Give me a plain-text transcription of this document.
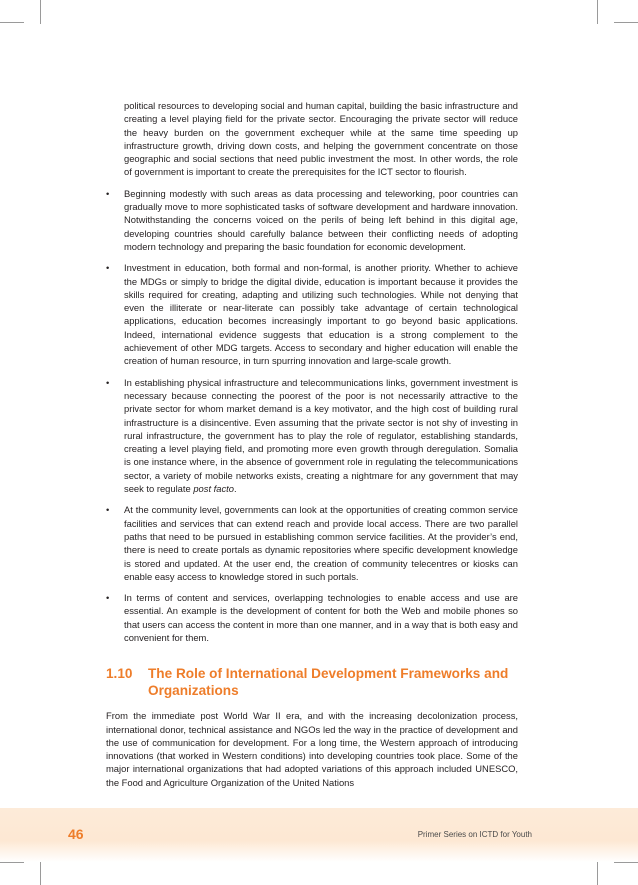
political resources to developing social and human capital, building the basic infrastructure and creating a level playing field for the private sector. Encouraging the private sector will reduce the heavy burden on the government exchequer while at the same time speeding up infrastructure growth, driving down costs, and helping the government concentrate on those geographic and social sections that need public investment the most. In other words, the role of government is important to create the prerequisites for the ICT sector to flourish.

• Beginning modestly with such areas as data processing and teleworking, poor countries can gradually move to more sophisticated tasks of software development and hardware innovation. Notwithstanding the concerns voiced on the perils of being left behind in this digital age, developing countries should carefully balance between their conflicting needs of adopting modern technology and preparing the basic foundation for economic development.
• Investment in education, both formal and non-formal, is another priority. Whether to achieve the MDGs or simply to bridge the digital divide, education is important because it provides the skills required for creating, adapting and utilizing such technologies. While not denying that even the illiterate or near-literate can possibly take advantage of certain technological applications, education becomes increasingly important to go beyond basic applications. Indeed, international evidence suggests that education is a strong complement to the achievement of other MDG targets. Access to secondary and higher education will enable the creation of human resource, in turn spurring innovation and large-scale growth.
• In establishing physical infrastructure and telecommunications links, government investment is necessary because connecting the poorest of the poor is not necessarily attractive to the private sector for whom market demand is a key motivator, and the high cost of building rural infrastructure is a disincentive. Even assuming that the private sector is not shy of investing in rural infrastructure, the government has to play the role of regulator, establishing standards, creating a level playing field, and promoting more even growth through deregulation. Somalia is one instance where, in the absence of government role in regulating the telecommunications sector, a variety of mobile networks exists, creating a nightmare for any government that may seek to regulate post facto.
• At the community level, governments can look at the opportunities of creating common service facilities and services that can extend reach and provide local access. There are two parallel paths that need to be pursued in establishing common service facilities. At the provider’s end, there is need to create portals as dynamic repositories where specific development knowledge is stored and updated. At the user end, the creation of community telecentres or kiosks can enable easy access to knowledge stored in such portals.
• In terms of content and services, overlapping technologies to enable access and use are essential. An example is the development of content for both the Web and mobile phones so that users can access the content in more than one manner, and in a way that is both easy and convenient for them.
1.10	The Role of International Development Frameworks and Organizations

From the immediate post World War II era, and with the increasing decolonization process, international donor, technical assistance and NGOs led the way in the practice of development and the use of communication for development. For a long time, the Western approach of introducing innovations (that worked in Western conditions) into developing countries took place. Some of the major international organizations that had adopted variations of this approach included UNESCO, the Food and Agriculture Organization of the United Nations

46	Primer Series on ICTD for Youth
